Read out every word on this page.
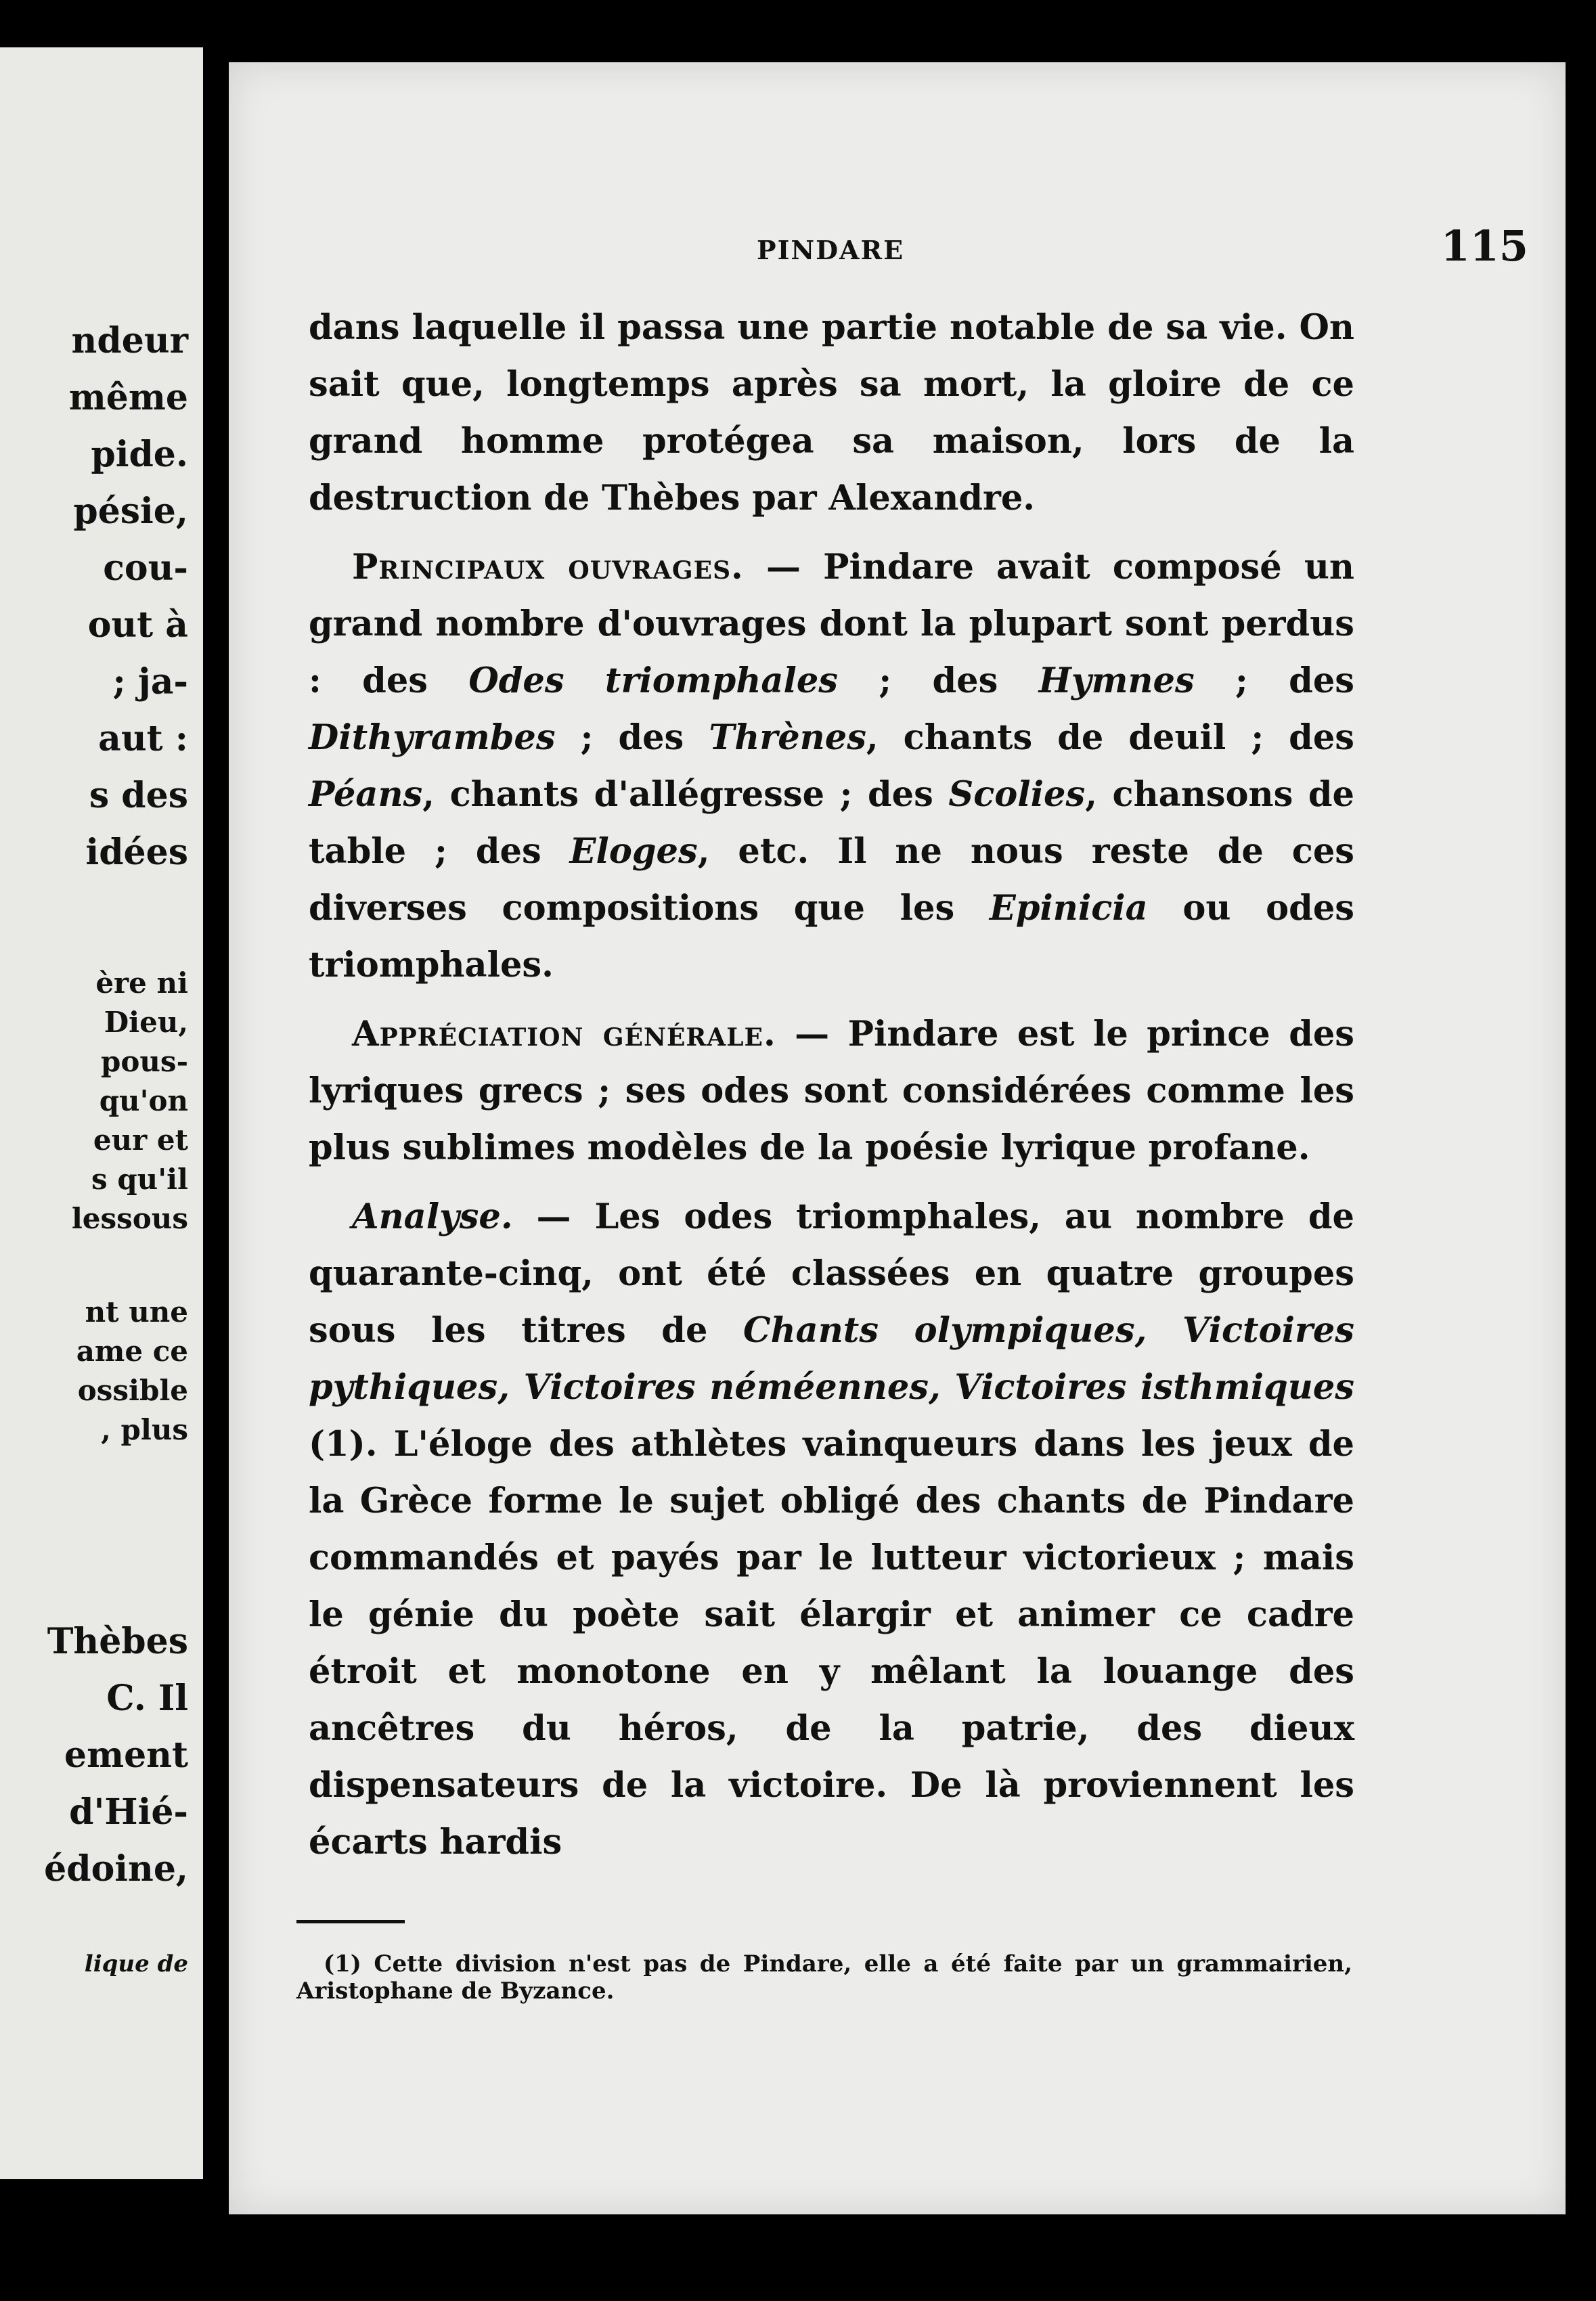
ndeur
même
pide.
pésie,
cou-
out à
; ja-
aut :
s des
idées
ère ni
Dieu,
pous-
qu'on
eur et
s qu'il
lessous
nt une
ame ce
ossible
, plus
Thèbes
C. Il
ement
d'Hié-
édoine,
lique de
PINDARE	115

dans laquelle il passa une partie notable de sa vie. On sait que, longtemps après sa mort, la gloire de ce grand homme protégea sa maison, lors de la destruction de Thèbes par Alexandre.

Principaux ouvrages. — Pindare avait composé un grand nombre d'ouvrages dont la plupart sont perdus : des Odes triomphales ; des Hymnes ; des Dithyrambes ; des Thrènes, chants de deuil ; des Péans, chants d'allégresse ; des Scolies, chansons de table ; des Eloges, etc. Il ne nous reste de ces diverses compositions que les Epinicia ou odes triomphales.

Appréciation générale. — Pindare est le prince des lyriques grecs ; ses odes sont considérées comme les plus sublimes modèles de la poésie lyrique profane.

Analyse. — Les odes triomphales, au nombre de quarante-cinq, ont été classées en quatre groupes sous les titres de Chants olympiques, Victoires pythiques, Victoires néméennes, Victoires isthmiques (1). L'éloge des athlètes vainqueurs dans les jeux de la Grèce forme le sujet obligé des chants de Pindare commandés et payés par le lutteur victorieux ; mais le génie du poète sait élargir et animer ce cadre étroit et monotone en y mêlant la louange des ancêtres du héros, de la patrie, des dieux dispensateurs de la victoire. De là proviennent les écarts hardis

(1) Cette division n'est pas de Pindare, elle a été faite par un grammairien, Aristophane de Byzance.
